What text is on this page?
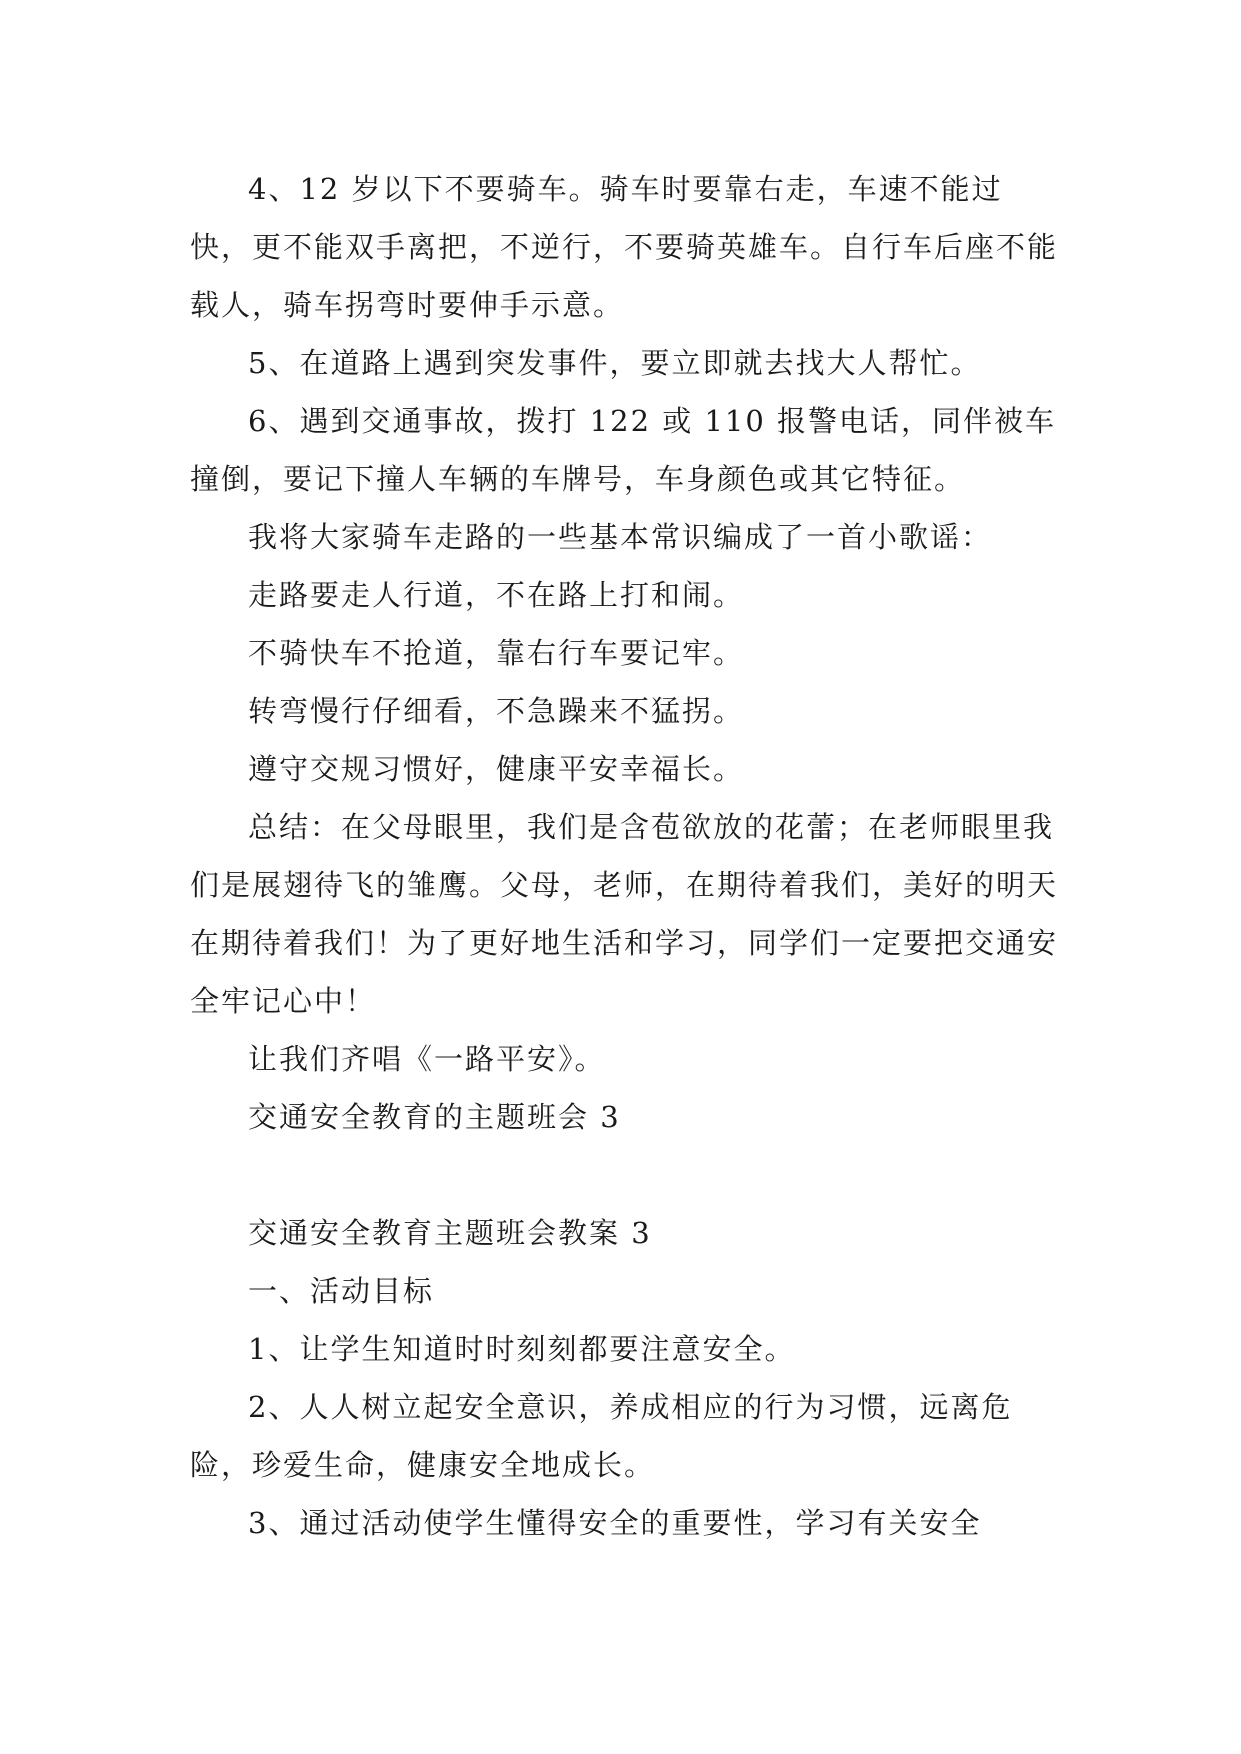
4、12 岁以下不要骑车。骑车时要靠右走，车速不能过快，更不能双手离把，不逆行，不要骑英雄车。自行车后座不能载人，骑车拐弯时要伸手示意。

5、在道路上遇到突发事件，要立即就去找大人帮忙。

6、遇到交通事故，拨打 122 或 110 报警电话，同伴被车撞倒，要记下撞人车辆的车牌号，车身颜色或其它特征。

我将大家骑车走路的一些基本常识编成了一首小歌谣：

走路要走人行道，不在路上打和闹。

不骑快车不抢道，靠右行车要记牢。

转弯慢行仔细看，不急躁来不猛拐。

遵守交规习惯好，健康平安幸福长。

总结：在父母眼里，我们是含苞欲放的花蕾；在老师眼里我们是展翅待飞的雏鹰。父母，老师，在期待着我们，美好的明天在期待着我们！为了更好地生活和学习，同学们一定要把交通安全牢记心中！

让我们齐唱《一路平安》。

交通安全教育的主题班会 3

交通安全教育主题班会教案 3

一、活动目标

1、让学生知道时时刻刻都要注意安全。

2、人人树立起安全意识，养成相应的行为习惯，远离危险，珍爱生命，健康安全地成长。

3、通过活动使学生懂得安全的重要性，学习有关安全
